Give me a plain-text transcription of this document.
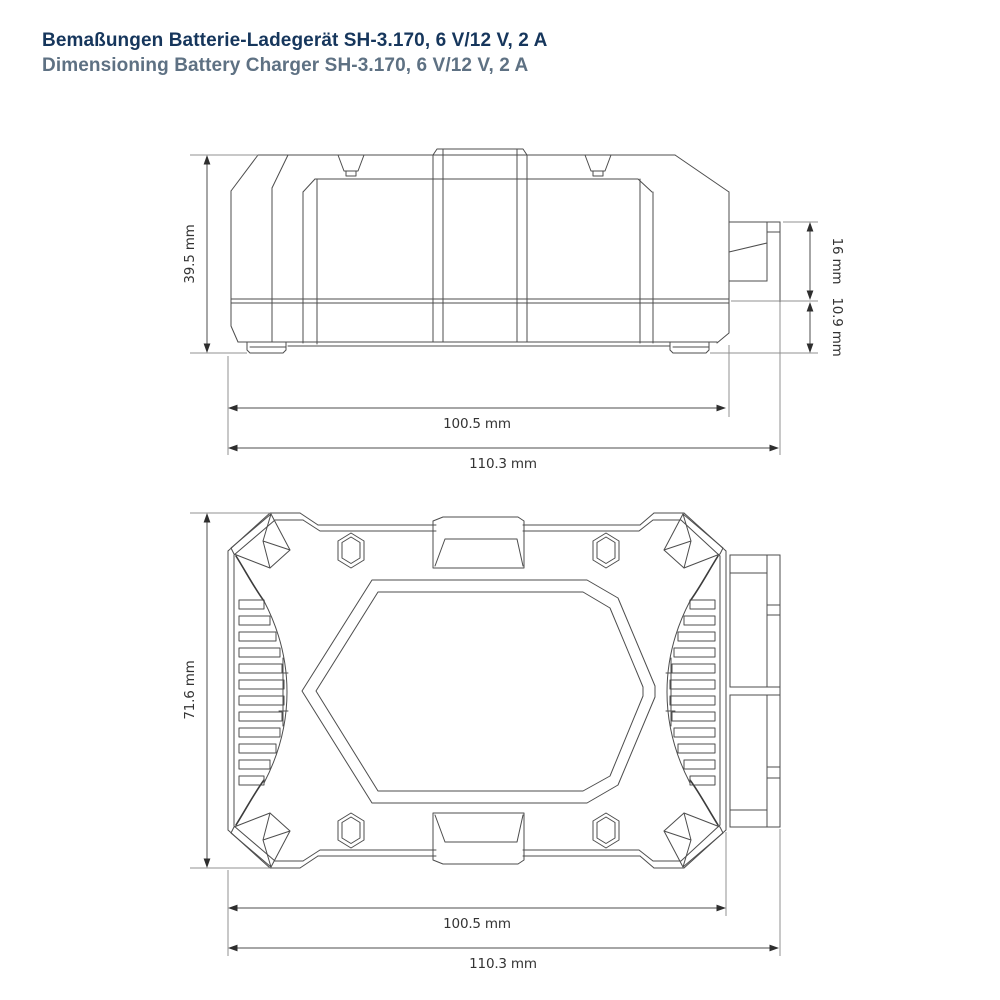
Bemaßungen Batterie-Ladegerät SH-3.170, 6 V/12 V, 2 A
Dimensioning Battery Charger SH-3.170, 6 V/12 V, 2 A
39.5 mm	16 mm
10.9 mm
100.5 mm
110.3 mm
71.6 mm
100.5 mm
110.3 mm
